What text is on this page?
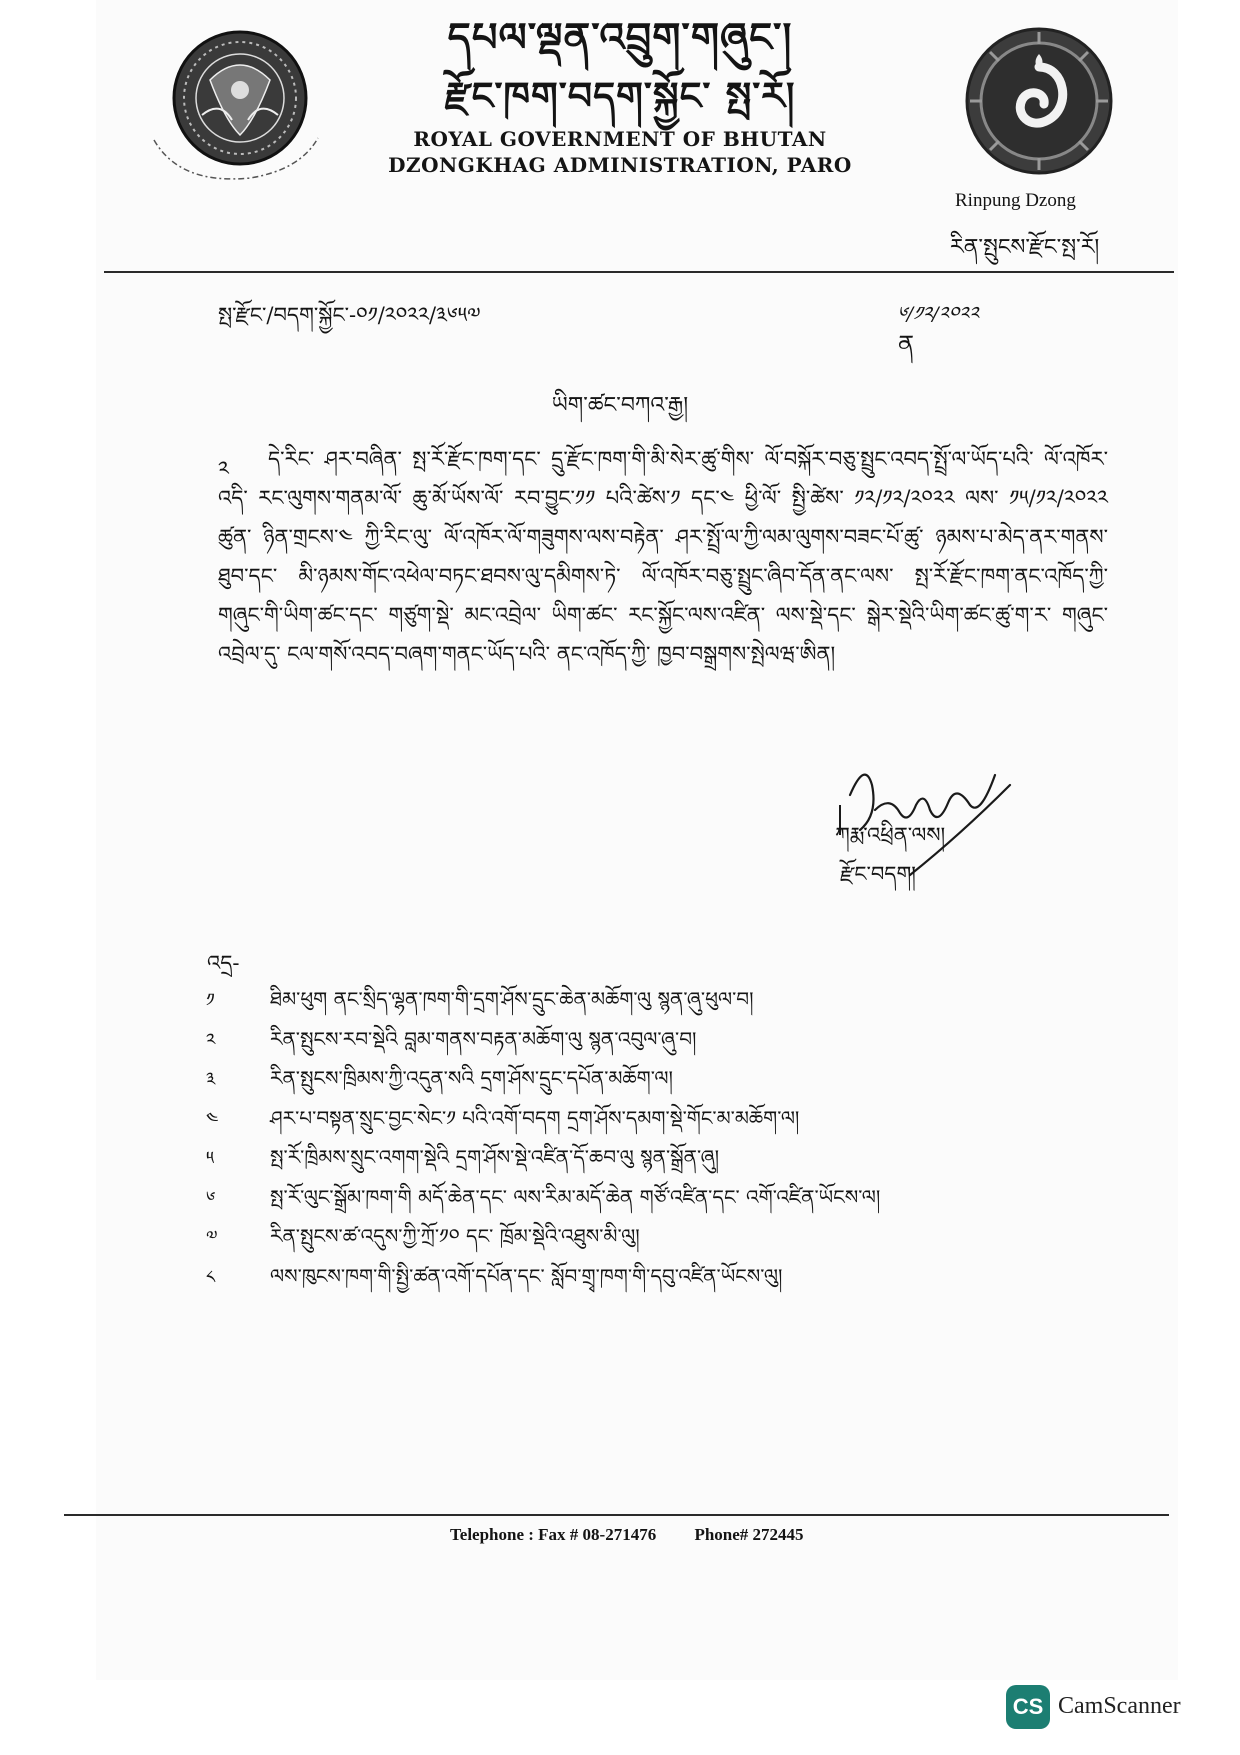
དཔལ་ལྡན་འབྲུག་གཞུང་།
རྫོང་ཁག་བདག་སྐྱོང་ སྤ་རོ།
ROYAL GOVERNMENT OF BHUTAN
DZONGKHAG ADMINISTRATION, PARO
Rinpung Dzong
རིན་སྤུངས་རྫོང་སྤ་རོ།
སྤ་རྫོང་/བདག་སྐྱོང་-༠༡/༢༠༢༢/༣༦༥༧	༦/༡༢/༢༠༢༢
ན
ཡིག་ཚང་བཀའ་རྒྱ།
༢	དེ་རིང་ ཤར་བཞིན་ སྤ་རོ་རྫོང་ཁག་དང་ དྲུ་རྫོང་ཁག་གི་མི་སེར་ཚུ་གིས་ ལོ་བསྐོར་བཅུ་སྤྲུང་འབད་སྤྲོ་ལ་ཡོད་པའི་ ལོ་འཁོར་འདི་ རང་ལུགས་གནམ་ལོ་ ཆུ་མོ་ཡོས་ལོ་ རབ་བྱུང་༡༡ པའི་ཚེས་༡ དང་༤ ཕྱི་ལོ་ སྤྱི་ཚེས་ ༡༢/༡༢/༢༠༢༢ ལས་ ༡༥/༡༢/༢༠༢༢ ཚུན་ ཉིན་གྲངས་༤ ཀྱི་རིང་ལུ་ ལོ་འཁོར་ལོ་གཟུགས་ལས་བརྟེན་ ཤར་སྤྲོ་ལ་ཀྱི་ལམ་ལུགས་བཟང་པོ་ཚུ་ ཉམས་པ་མེད་ནར་གནས་ཐུབ་དང་ མི་ཉམས་གོང་འཕེལ་བཏང་ཐབས་ལུ་དམིགས་ཏེ་ ལོ་འཁོར་བཅུ་སྤྲུང་ཞིབ་དོན་ནང་ལས་ སྤ་རོ་རྫོང་ཁག་ནང་འཁོད་ཀྱི་གཞུང་གི་ཡིག་ཚང་དང་ གཙུག་སྡེ་ མང་འབྲེལ་ ཡིག་ཚང་ རང་སྐྱོང་ལས་འཛིན་ ལས་སྡེ་དང་ སྒེར་སྡེའི་ཡིག་ཚང་ཚུ་ག་ར་ གཞུང་འབྲེལ་དུ་ ངལ་གསོ་འབད་བཞག་གནང་ཡོད་པའི་ ནང་འཁོད་ཀྱི་ ཁྱབ་བསྒྲགས་སྤེལཝ་ཨིན།
ཀརྨ་འཕྲིན་ལས།
རྫོང་བདག།
འདྲ-
༡	ཐིམ་ཕུག ནང་སྲིད་ལྷན་ཁག་གི་དྲག་ཤོས་དྲུང་ཆེན་མཆོག་ལུ སྙན་ཞུ་ཕུལ་བ།
༢	རིན་སྤུངས་རབ་སྡེའི བླམ་གནས་བརྟན་མཆོག་ལུ སྙན་འབུལ་ཞུ་བ།
༣	རིན་སྤུངས་ཁྲིམས་ཀྱི་འདུན་སའི དྲག་ཤོས་དྲུང་དཔོན་མཆོག་ལ།
༤	ཤར་པ་བསྟན་སྲུང་བྱང་སེང་༡ པའི་འགོ་བདག དྲག་ཤོས་དམག་སྡེ་གོང་མ་མཆོག་ལ།
༥	སྤ་རོ་ཁྲིམས་སྲུང་འགག་སྡེའི དྲག་ཤོས་སྡེ་འཛིན་དོ་ཆབ་ལུ སྙན་སྒྲོན་ཞུ།
༦	སྤ་རོ་ལུང་སྒྲོམ་ཁག་གི མདོ་ཆེན་དང་ ལས་རིམ་མདོ་ཆེན གཙོ་འཛིན་དང་ འགོ་འཛིན་ཡོངས་ལ།
༧	རིན་སྤུངས་ཚ་འདུས་ཀྱི་ཀྲོ་༡༠ དང་ ཁྲོམ་སྡེའི་འཐུས་མི་ལུ།
༨	ལས་ཁུངས་ཁག་གི་སྤྱི་ཚན་འགོ་དཔོན་དང་ སློབ་གྲྭ་ཁག་གི་དབུ་འཛིན་ཡོངས་ལུ།
Telephone : Fax # 08-271476 Phone# 272445
CS CamScanner
